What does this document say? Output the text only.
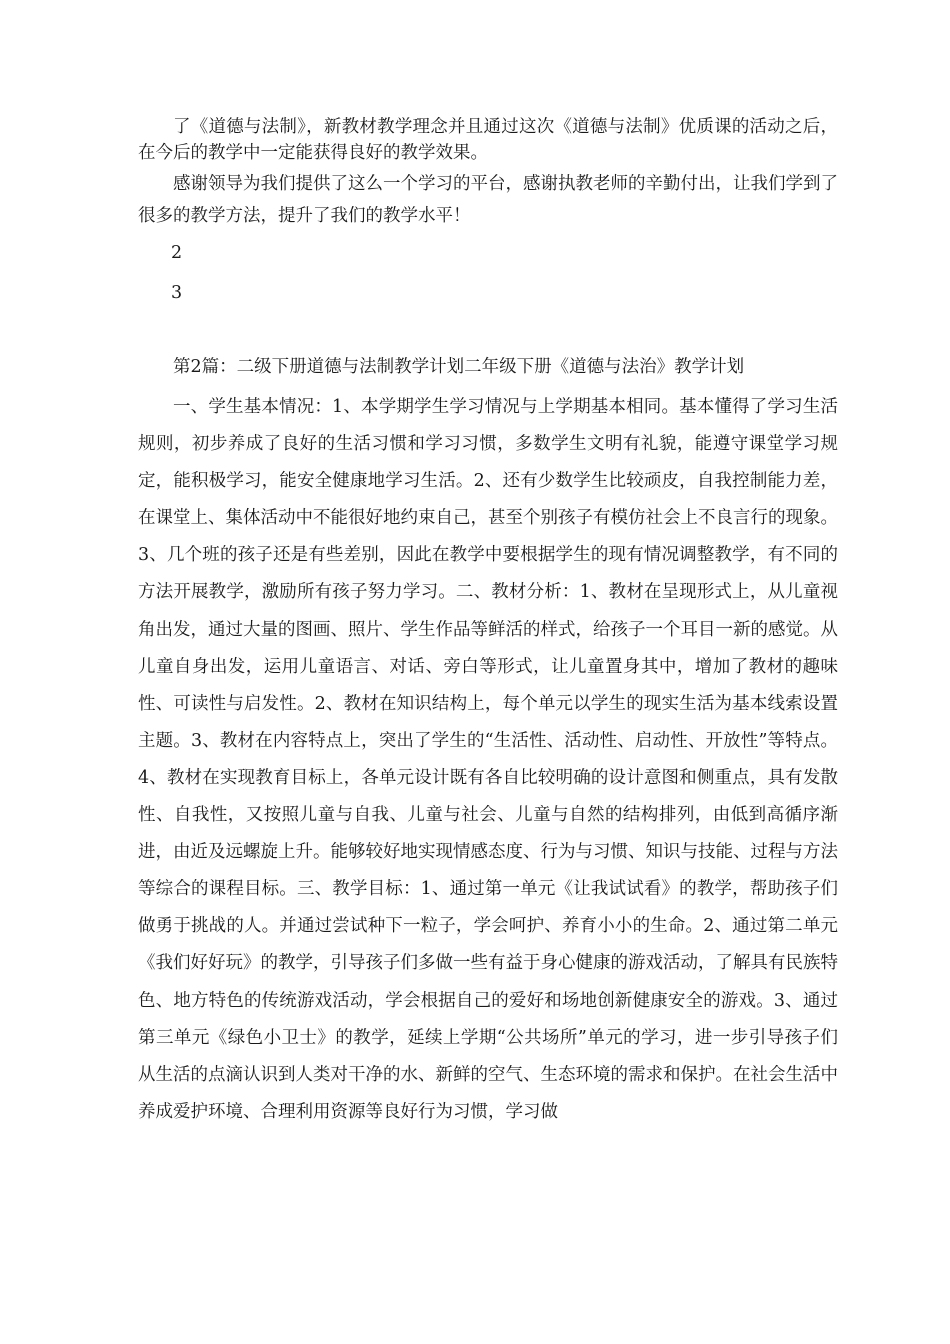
了《道德与法制》，新教材教学理念并且通过这次《道德与法制》优质课的活动之后，在今后的教学中一定能获得良好的教学效果。

感谢领导为我们提供了这么一个学习的平台，感谢执教老师的辛勤付出，让我们学到了很多的教学方法，提升了我们的教学水平！

2

3

第2篇：二级下册道德与法制教学计划二年级下册《道德与法治》教学计划

一、学生基本情况：1、本学期学生学习情况与上学期基本相同。基本懂得了学习生活规则，初步养成了良好的生活习惯和学习习惯，多数学生文明有礼貌，能遵守课堂学习规定，能积极学习，能安全健康地学习生活。2、还有少数学生比较顽皮，自我控制能力差，在课堂上、集体活动中不能很好地约束自己，甚至个别孩子有模仿社会上不良言行的现象。3、几个班的孩子还是有些差别，因此在教学中要根据学生的现有情况调整教学，有不同的方法开展教学，激励所有孩子努力学习。二、教材分析：1、教材在呈现形式上，从儿童视角出发，通过大量的图画、照片、学生作品等鲜活的样式，给孩子一个耳目一新的感觉。从儿童自身出发，运用儿童语言、对话、旁白等形式，让儿童置身其中，增加了教材的趣味性、可读性与启发性。2、教材在知识结构上，每个单元以学生的现实生活为基本线索设置主题。3、教材在内容特点上，突出了学生的“生活性、活动性、启动性、开放性”等特点。4、教材在实现教育目标上，各单元设计既有各自比较明确的设计意图和侧重点，具有发散性、自我性，又按照儿童与自我、儿童与社会、儿童与自然的结构排列，由低到高循序渐进，由近及远螺旋上升。能够较好地实现情感态度、行为与习惯、知识与技能、过程与方法等综合的课程目标。三、教学目标：1、通过第一单元《让我试试看》的教学，帮助孩子们做勇于挑战的人。并通过尝试种下一粒子，学会呵护、养育小小的生命。2、通过第二单元《我们好好玩》的教学，引导孩子们多做一些有益于身心健康的游戏活动，了解具有民族特色、地方特色的传统游戏活动，学会根据自己的爱好和场地创新健康安全的游戏。3、通过第三单元《绿色小卫士》的教学，延续上学期“公共场所”单元的学习，进一步引导孩子们从生活的点滴认识到人类对干净的水、新鲜的空气、生态环境的需求和保护。在社会生活中养成爱护环境、合理利用资源等良好行为习惯，学习做
